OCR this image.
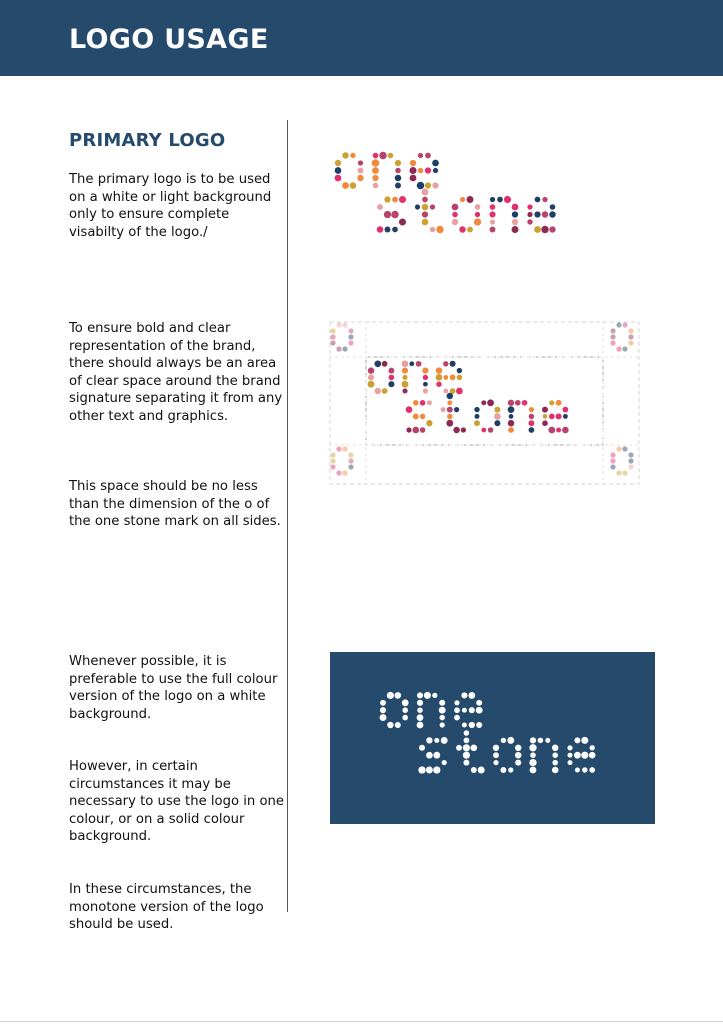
LOGO USAGE
PRIMARY LOGO

The primary logo is to be used on a white or light background only to ensure complete visabilty of the logo./

To ensure bold and clear representation of the brand, there should always be an area of clear space around the brand signature separating it from any other text and graphics.

This space should be no less than the dimension of the o of the one stone mark on all sides.

Whenever possible, it is preferable to use the full colour version of the logo on a white background.

However, in certain circumstances it may be necessary to use the logo in one colour, or on a solid colour background.

In these circumstances, the monotone version of the logo should be used.
